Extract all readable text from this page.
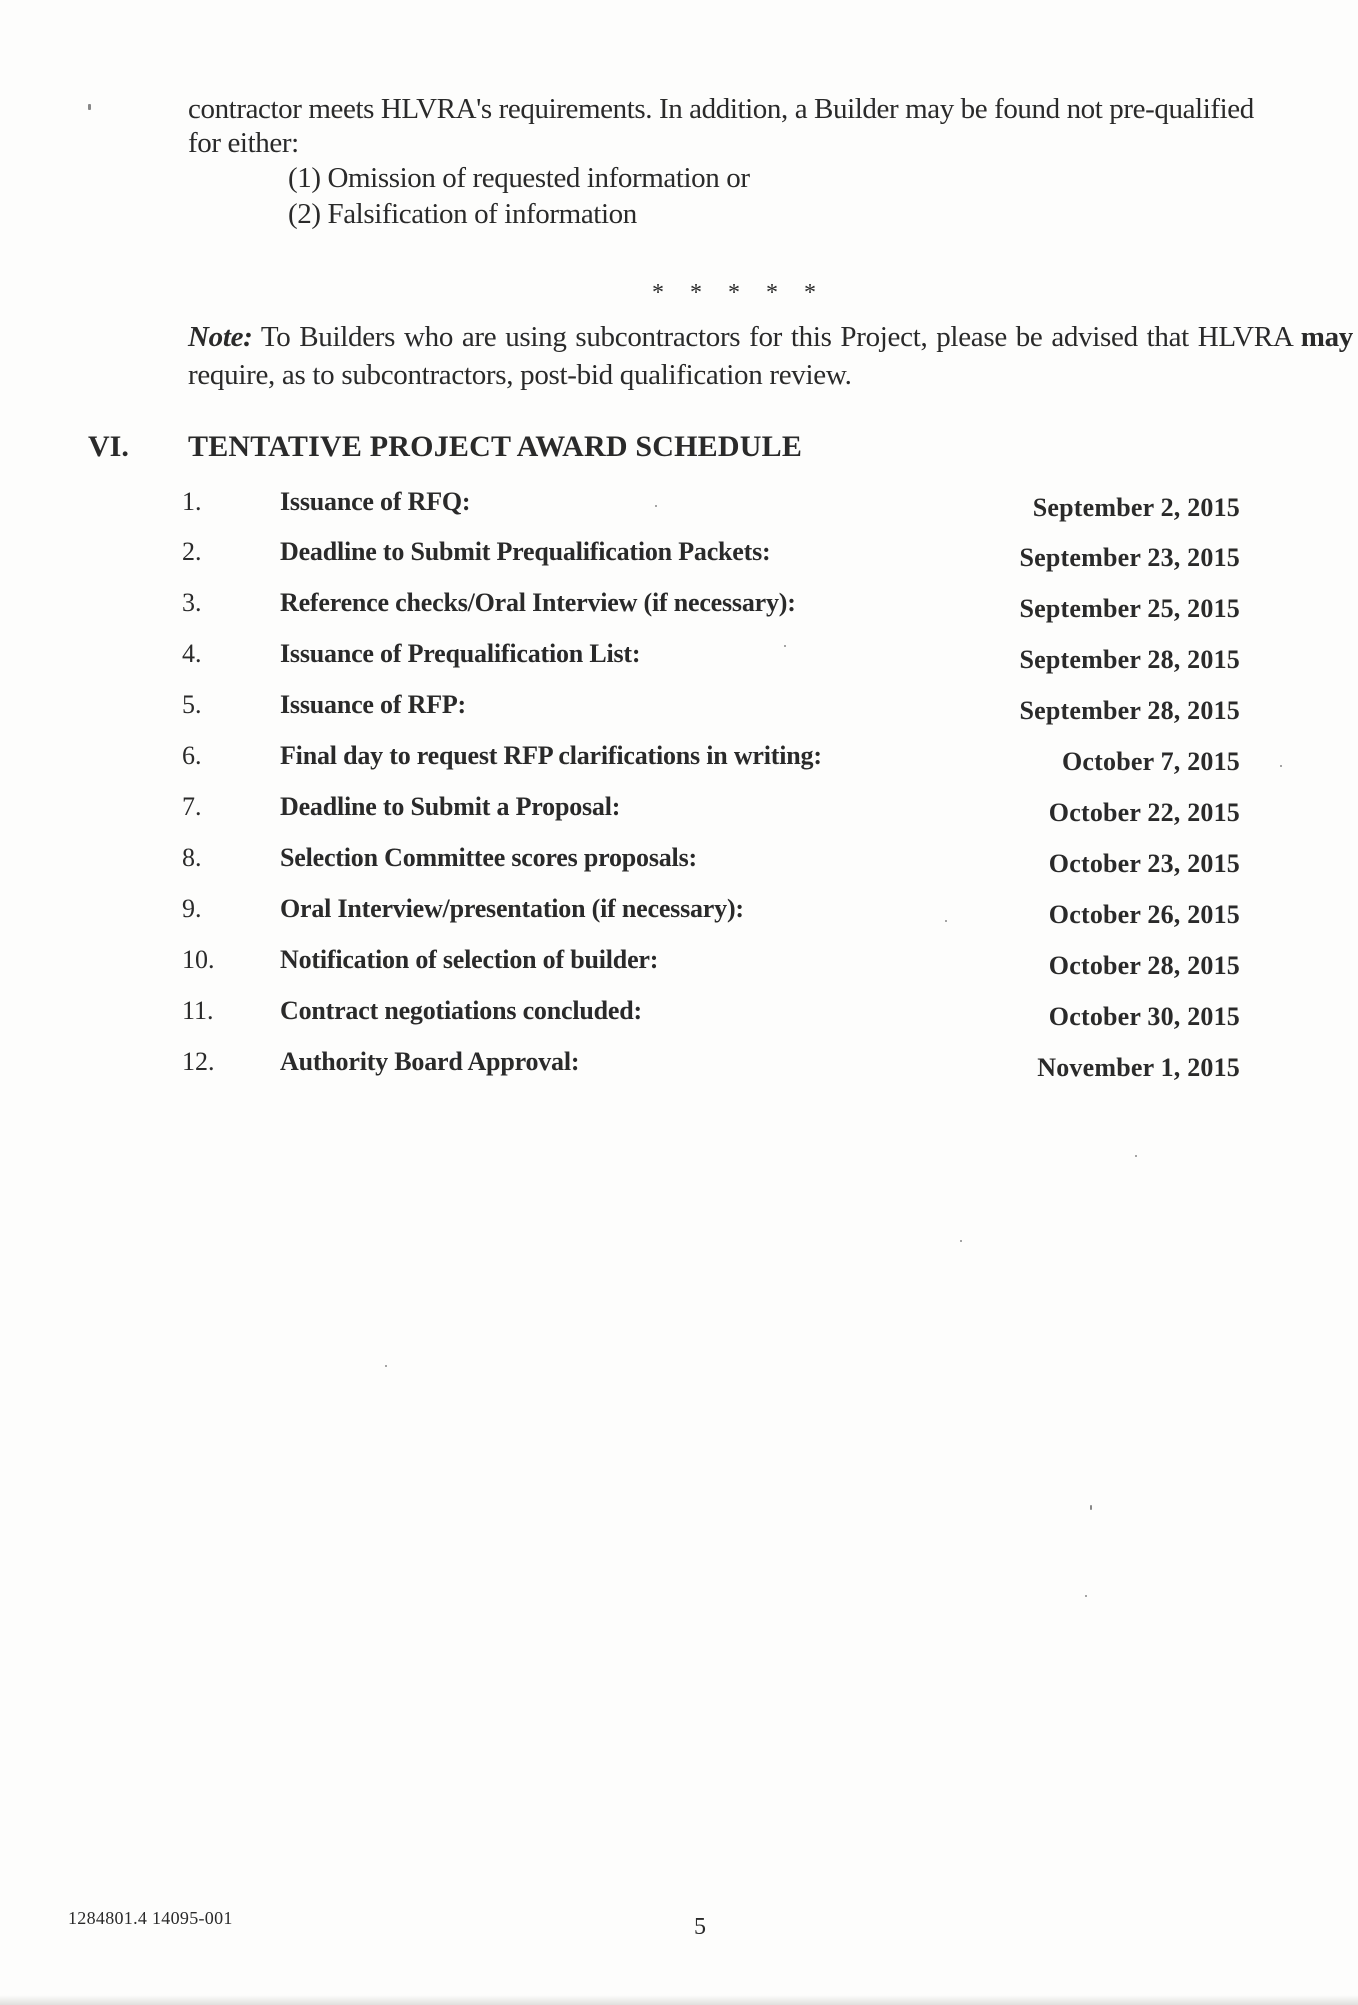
contractor meets HLVRA's requirements. In addition, a Builder may be found not pre-qualified for either:

(1) Omission of requested information or

(2) Falsification of information

* * * * *
Note: To Builders who are using subcontractors for this Project, please be advised that HLVRA may require, as to subcontractors, post-bid qualification review.
VI. TENTATIVE PROJECT AWARD SCHEDULE
1.	Issuance of RFQ:	September 2, 2015
2.	Deadline to Submit Prequalification Packets:	September 23, 2015
3.	Reference checks/Oral Interview (if necessary):	September 25, 2015
4.	Issuance of Prequalification List:	September 28, 2015
5.	Issuance of RFP:	September 28, 2015
6.	Final day to request RFP clarifications in writing:	October 7, 2015
7.	Deadline to Submit a Proposal:	October 22, 2015
8.	Selection Committee scores proposals:	October 23, 2015
9.	Oral Interview/presentation (if necessary):	October 26, 2015
10.	Notification of selection of builder:	October 28, 2015
11.	Contract negotiations concluded:	October 30, 2015
12.	Authority Board Approval:	November 1, 2015
1284801.4 14095-001	5
